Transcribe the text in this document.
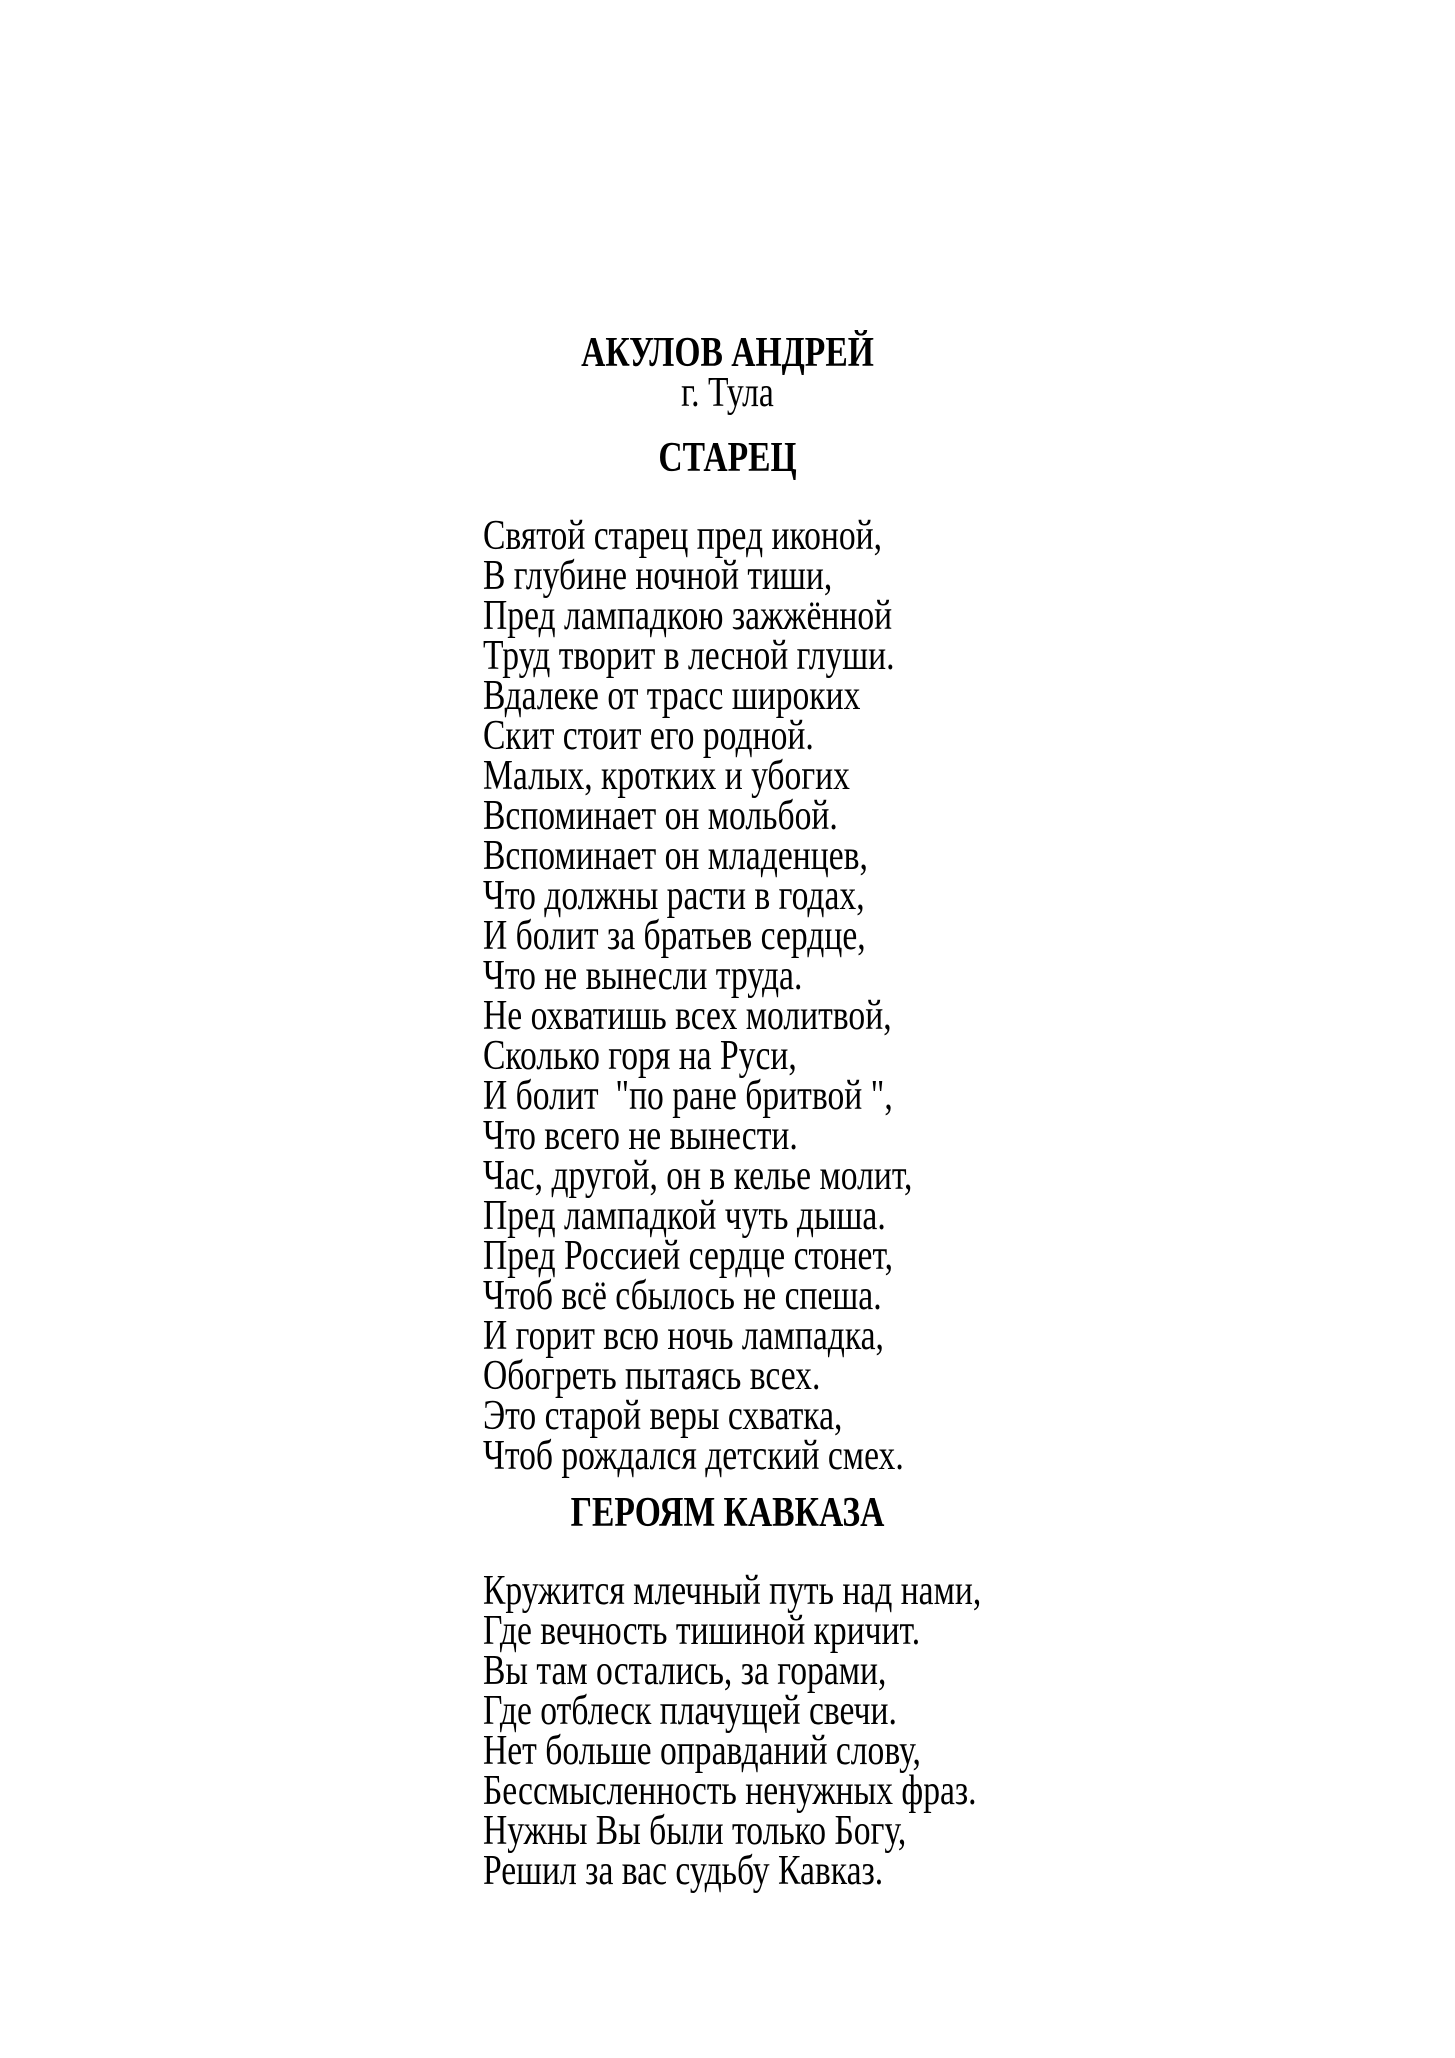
АКУЛОВ АНДРЕЙ
г. Тула
СТАРЕЦ
Святой старец пред иконой,
В глубине ночной тиши,
Пред лампадкою зажжённой
Труд творит в лесной глуши.
Вдалеке от трасс широких
Скит стоит его родной.
Малых, кротких и убогих
Вспоминает он мольбой.
Вспоминает он младенцев,
Что должны расти в годах,
И болит за братьев сердце,
Что не вынесли труда.
Не охватишь всех молитвой,
Сколько горя на Руси,
И болит  "по ране бритвой ",
Что всего не вынести.
Час, другой, он в келье молит,
Пред лампадкой чуть дыша.
Пред Россией сердце стонет,
Чтоб всё сбылось не спеша.
И горит всю ночь лампадка,
Обогреть пытаясь всех.
Это старой веры схватка,
Чтоб рождался детский смех.
ГЕРОЯМ КАВКАЗА
Кружится млечный путь над нами,
Где вечность тишиной кричит.
Вы там остались, за горами,
Где отблеск плачущей свечи.
Нет больше оправданий слову,
Бессмысленность ненужных фраз.
Нужны Вы были только Богу,
Решил за вас судьбу Кавказ.
